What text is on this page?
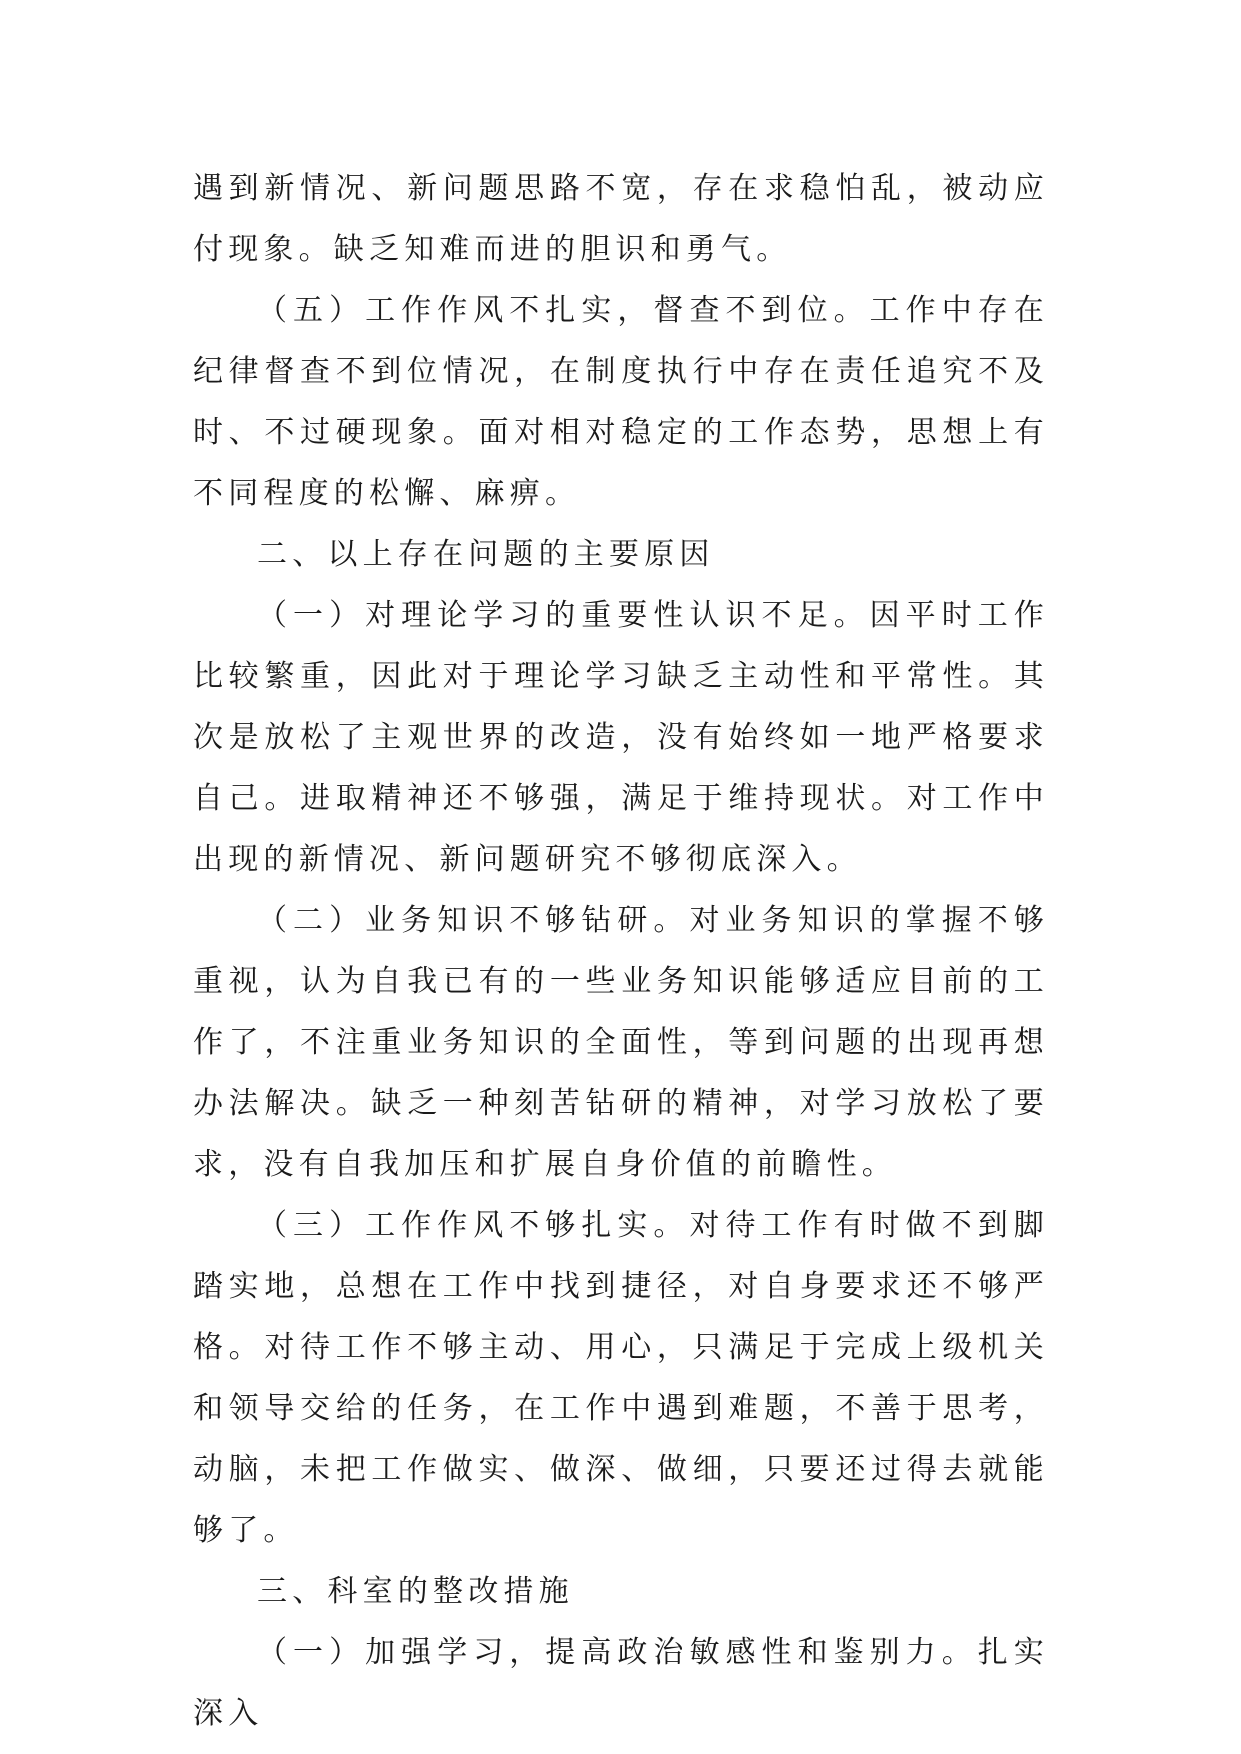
遇到新情况、新问题思路不宽，存在求稳怕乱，被动应付现象。缺乏知难而进的胆识和勇气。

（五）工作作风不扎实，督查不到位。工作中存在纪律督查不到位情况，在制度执行中存在责任追究不及时、不过硬现象。面对相对稳定的工作态势，思想上有不同程度的松懈、麻痹。

二、以上存在问题的主要原因

（一）对理论学习的重要性认识不足。因平时工作比较繁重，因此对于理论学习缺乏主动性和平常性。其次是放松了主观世界的改造，没有始终如一地严格要求自己。进取精神还不够强，满足于维持现状。对工作中出现的新情况、新问题研究不够彻底深入。

（二）业务知识不够钻研。对业务知识的掌握不够重视，认为自我已有的一些业务知识能够适应目前的工作了，不注重业务知识的全面性，等到问题的出现再想办法解决。缺乏一种刻苦钻研的精神，对学习放松了要求，没有自我加压和扩展自身价值的前瞻性。

（三）工作作风不够扎实。对待工作有时做不到脚踏实地，总想在工作中找到捷径，对自身要求还不够严格。对待工作不够主动、用心，只满足于完成上级机关和领导交给的任务，在工作中遇到难题，不善于思考，动脑，未把工作做实、做深、做细，只要还过得去就能够了。

三、科室的整改措施

（一）加强学习，提高政治敏感性和鉴别力。扎实深入
